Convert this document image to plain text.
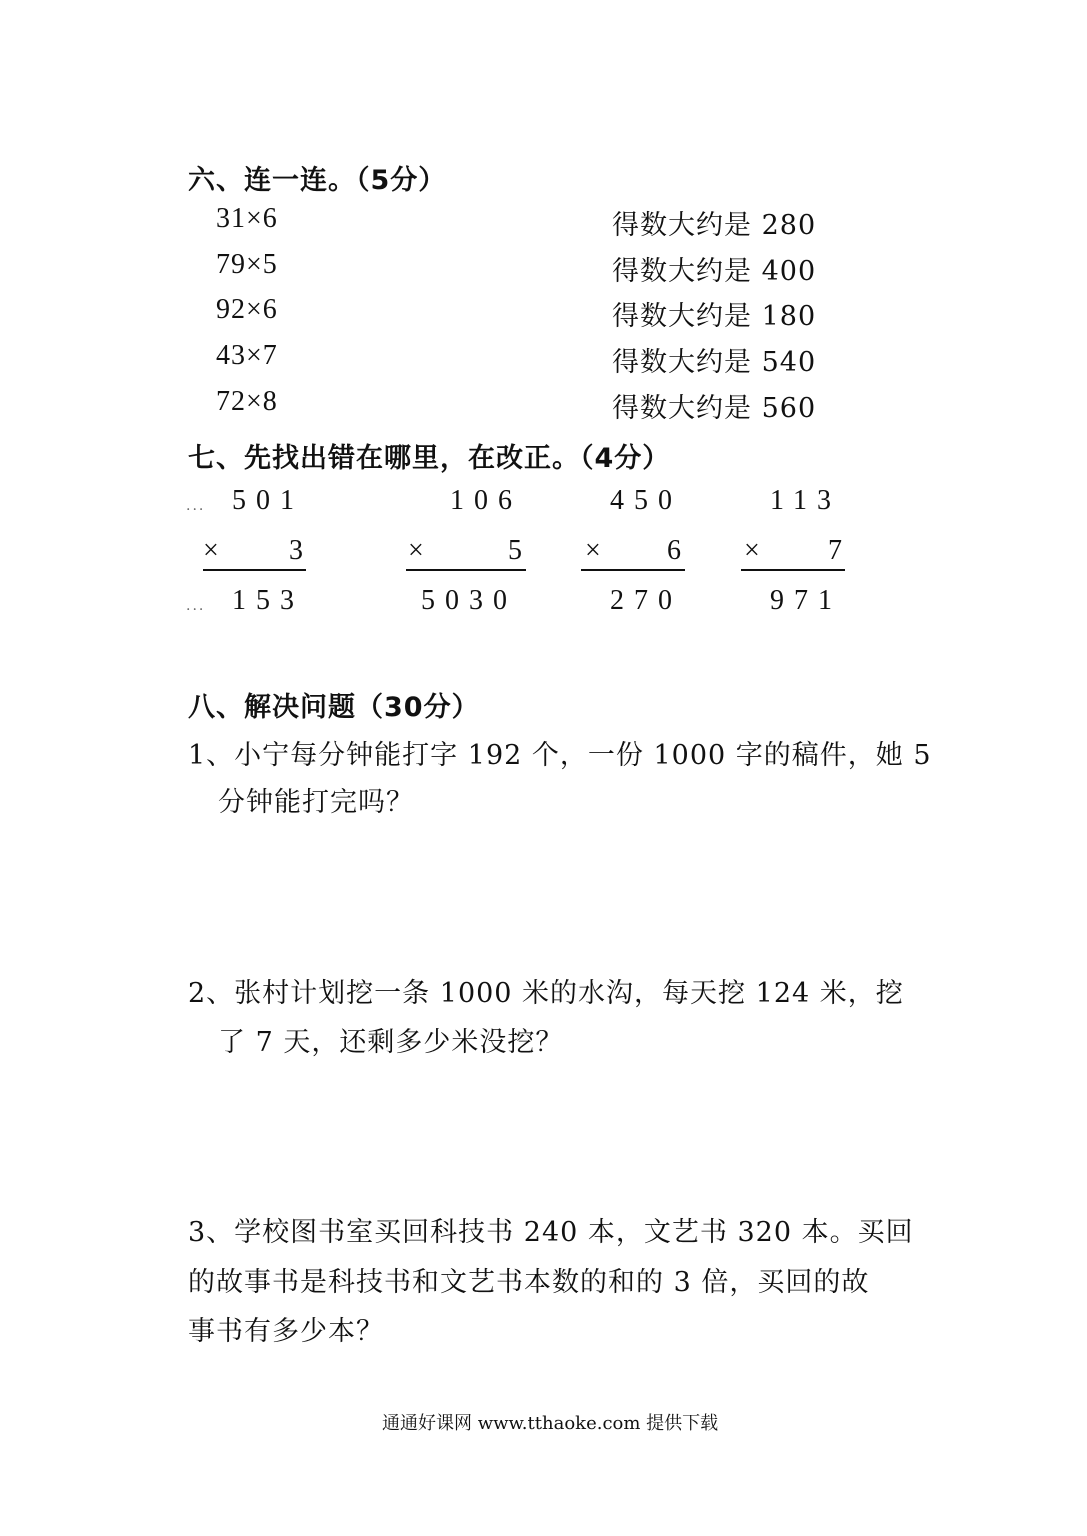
六、连一连。（5分）
31×6
79×5
92×6
43×7
72×8
得数大约是 280
得数大约是 400
得数大约是 180
得数大约是 540
得数大约是 560
七、先找出错在哪里，在改正。（4分）
... 501
×	3
... 153
106
×	5
5030
450
× 6
270
113
× 7
971
八、解决问题（30分）
1、小宁每分钟能打字 192 个，一份 1000 字的稿件，她 5
分钟能打完吗？
2、张村计划挖一条 1000 米的水沟，每天挖 124 米，挖
了 7 天，还剩多少米没挖？
3、学校图书室买回科技书 240 本，文艺书 320 本。买回
的故事书是科技书和文艺书本数的和的 3 倍，买回的故
事书有多少本？
通通好课网 www.tthaoke.com 提供下载
